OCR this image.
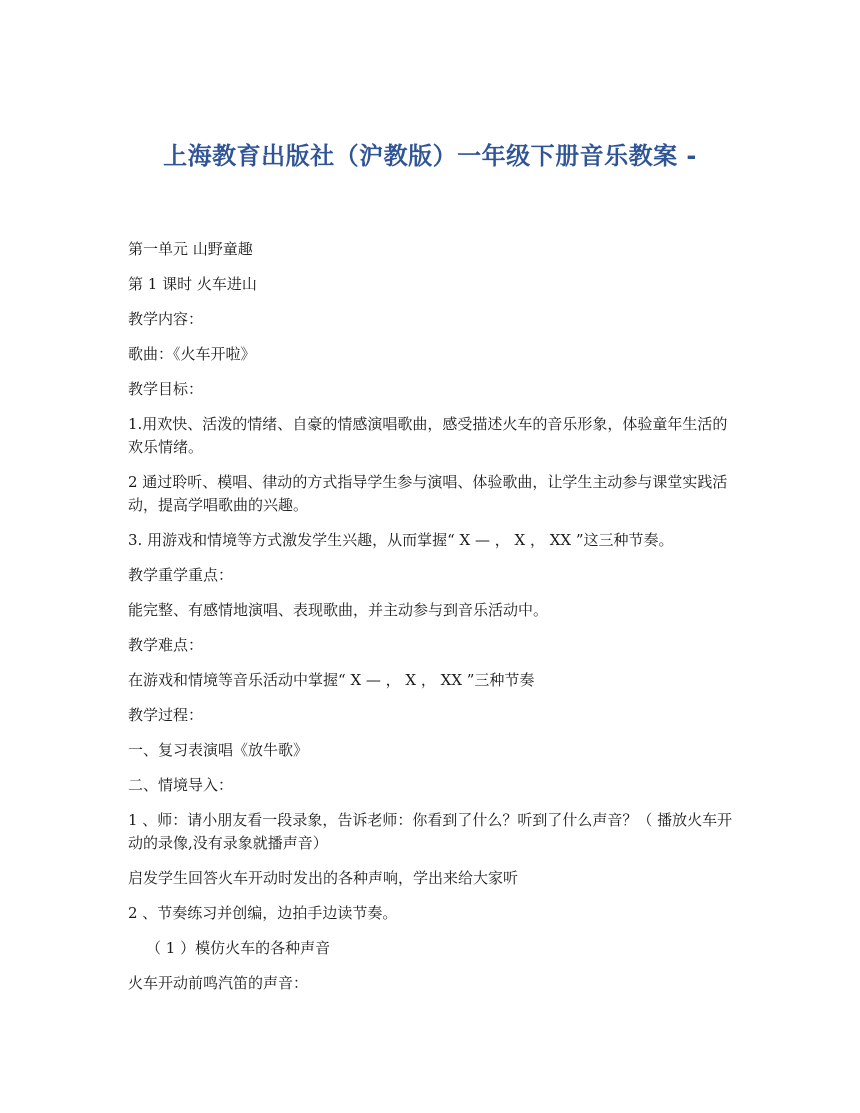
上海教育出版社（沪教版）一年级下册音乐教案 -

第一单元 山野童趣

第 1 课时 火车进山

教学内容：

歌曲：《火车开啦》

教学目标：

1.用欢快、活泼的情绪、自豪的情感演唱歌曲，感受描述火车的音乐形象，体验童年生活的欢乐情绪。

2 通过聆听、模唱、律动的方式指导学生参与演唱、体验歌曲，让学生主动参与课堂实践活动，提高学唱歌曲的兴趣。

3. 用游戏和情境等方式激发学生兴趣，从而掌握“ X — ， X ， XX ”这三种节奏。

教学重学重点：

能完整、有感情地演唱、表现歌曲，并主动参与到音乐活动中。

教学难点：

在游戏和情境等音乐活动中掌握“ X — ， X ， XX ”三种节奏

教学过程：

一、复习表演唱《放牛歌》

二、情境导入：

1 、师：请小朋友看一段录象，告诉老师：你看到了什么？听到了什么声音？（ 播放火车开动的录像,没有录象就播声音）

启发学生回答火车开动时发出的各种声响，学出来给大家听

2 、节奏练习并创编，边拍手边读节奏。

（ 1 ）模仿火车的各种声音

火车开动前鸣汽笛的声音：
